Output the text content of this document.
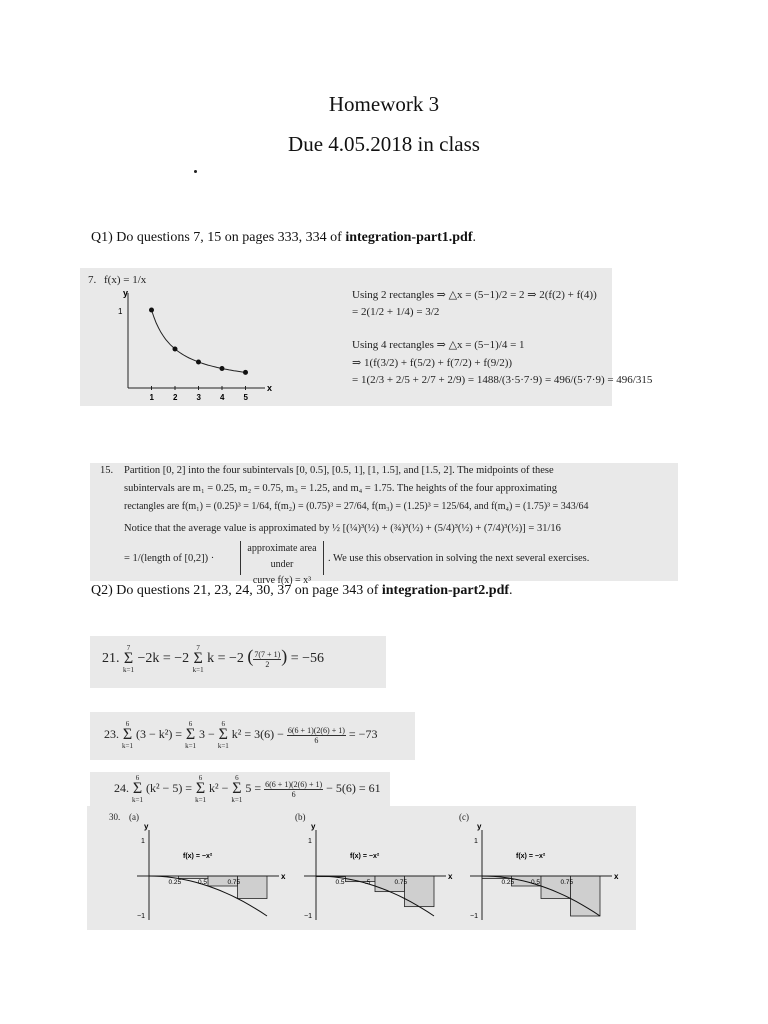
Homework 3
Due 4.05.2018 in class
Q1) Do questions 7, 15 on pages 333, 334 of integration-part1.pdf.
7. f(x) = 1/x
x
y
1
1 2 3 4 5
Using 2 rectangles ⇒ △x = (5−1)/2 = 2 ⇒ 2(f(2) + f(4))
= 2(1/2 + 1/4) = 3/2
Using 4 rectangles ⇒ △x = (5−1)/4 = 1
⇒ 1(f(3/2) + f(5/2) + f(7/2) + f(9/2))
= 1(2/3 + 2/5 + 2/7 + 2/9) = 1488/(3·5·7·9) = 496/(5·7·9) = 496/315
15. Partition [0, 2] into the four subintervals [0, 0.5], [0.5, 1], [1, 1.5], and [1.5, 2]. The midpoints of these
subintervals are m₁ = 0.25, m₂ = 0.75, m₃ = 1.25, and m₄ = 1.75. The heights of the four approximating
rectangles are f(m₁) = (0.25)³ = 1/64, f(m₂) = (0.75)³ = 27/64, f(m₃) = (1.25)³ = 125/64, and f(m₄) = (1.75)³ = 343/64
Notice that the average value is approximated by ½ [(¼)³(½) + (¾)³(½) + (5/4)³(½) + (7/4)³(½)] = 31/16
= 1/(length of [0,2]) ·
approximate area under
curve f(x) = x³
. We use this observation in solving the next several exercises.
Q2) Do questions 21, 23, 24, 30, 37 on page 343 of integration-part2.pdf.
21. 7
Σ
k=1 −2k = −2 7
Σ
k=1 k = −2 ( $\frac{7(7 + 1)}{2}$ ) = −56
23. 6
Σ
k=1 (3 − k²) = 6
Σ
k=1 3 − 6
Σ
k=1 $k^2 = 3(6) - \frac{6(6 + 1)(2(6) + 1)}{6} = -73$
24. 6
Σ
k=1 (k² − 5) = 6
Σ
k=1 k² − 6
Σ
k=1 $5 = \frac{6(6 + 1)(2(6) + 1)}{6} - 5(6) = 61$
30. (a)	(b)	(c)
y
x
1
−1
f(x) = −x²
0.25	0.5	0.75
y
x
1
−1
f(x) = −x²
0.5	.5	0.75
y
x
1
−1
f(x) = −x²
0.25	0.5	0.75
